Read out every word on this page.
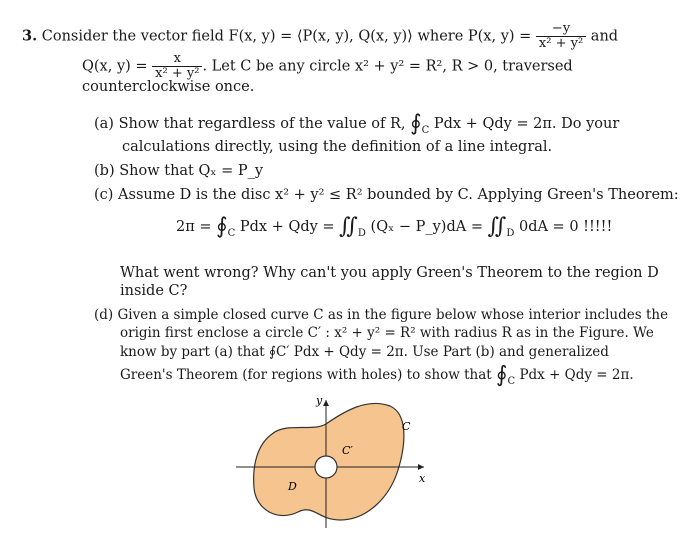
3. Consider the vector field F(x, y) = ⟨P(x, y), Q(x, y)⟩ where P(x, $y) = \frac{-y}{\text{x² + y²}}$ and
Q(x, $y) = \frac{x}{\text{x² + y²}}$ . Let C be any circle x² + y² = R², R > 0, traversed
counterclockwise once.
(a) Show that regardless of the value of R, $∮_C$ Pdx + Qdy = 2π. Do your
calculations directly, using the definition of a line integral.
(b) Show that Qₓ = P_y
(c) Assume D is the disc x² + y² ≤ R² bounded by C. Applying Green's Theorem:
$2\pi = ∮_C$ Pdx + Qdy = $∬_D$ (Qₓ − P_y)dA = $∬_D$ 0dA = 0 !!!!!
What went wrong? Why can't you apply Green's Theorem to the region D
inside C?
(d) Given a simple closed curve C as in the figure below whose interior includes the
origin first enclose a circle C′ : x² + y² = R² with radius R as in the Figure. We
know by part (a) that ∮C′ Pdx + Qdy = 2π. Use Part (b) and generalized
Green's Theorem (for regions with holes) to show that $∮_C$ Pdx + Qdy = 2π.
y
x
C
C′
D
